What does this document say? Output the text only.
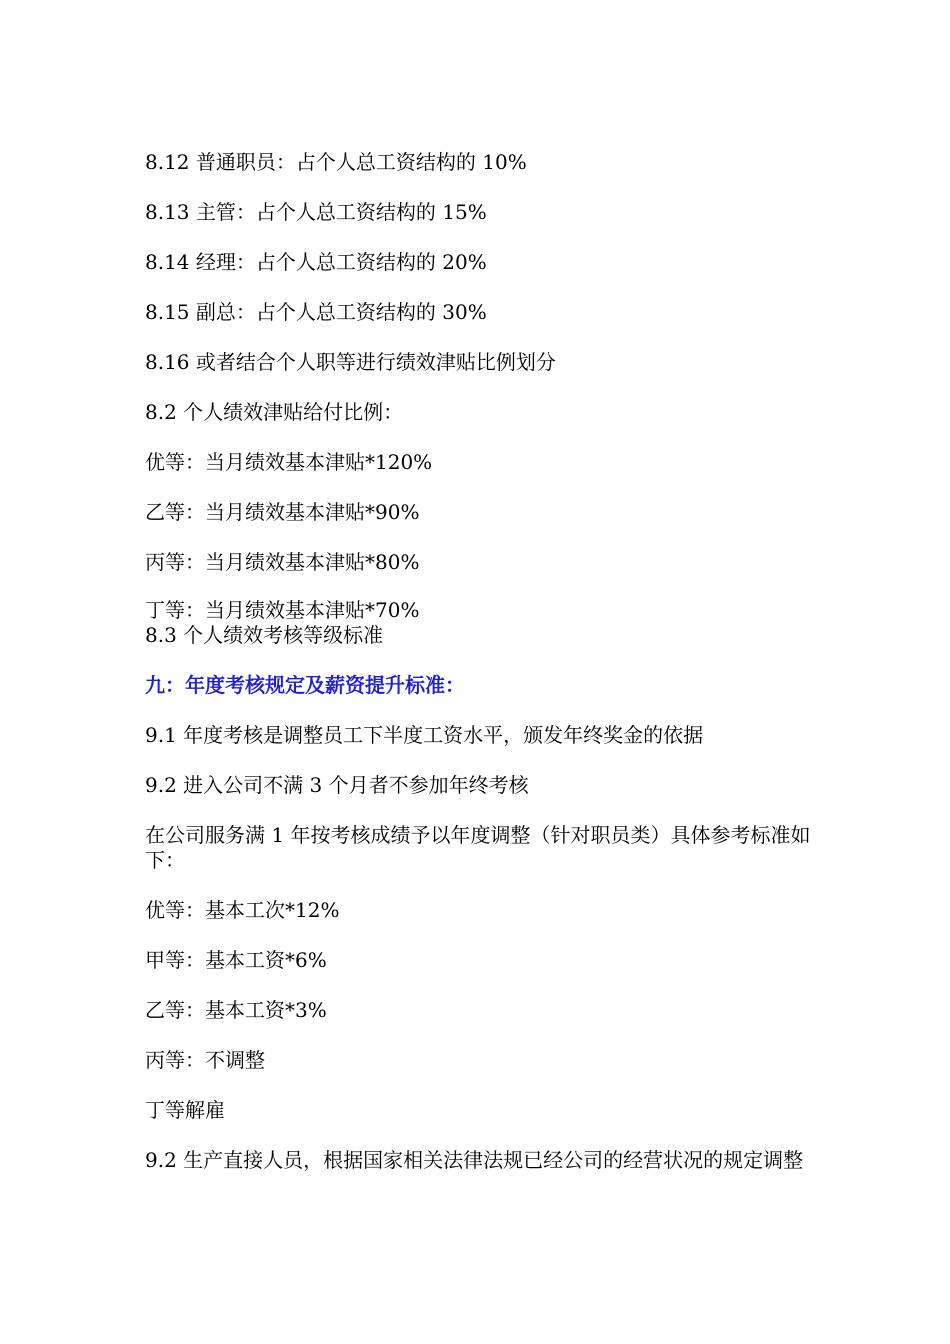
8.12 普通职员：占个人总工资结构的 10%

8.13 主管：占个人总工资结构的 15%

8.14 经理：占个人总工资结构的 20%

8.15 副总：占个人总工资结构的 30%

8.16 或者结合个人职等进行绩效津贴比例划分

8.2 个人绩效津贴给付比例：

优等：当月绩效基本津贴*120%

乙等：当月绩效基本津贴*90%

丙等：当月绩效基本津贴*80%

丁等：当月绩效基本津贴*70%

8.3 个人绩效考核等级标准

九：年度考核规定及薪资提升标准：

9.1 年度考核是调整员工下半度工资水平，颁发年终奖金的依据

9.2 进入公司不满 3 个月者不参加年终考核

在公司服务满 1 年按考核成绩予以年度调整（针对职员类）具体参考标准如下：

优等：基本工次*12%

甲等：基本工资*6%

乙等：基本工资*3%

丙等：不调整

丁等解雇

9.2 生产直接人员，根据国家相关法律法规已经公司的经营状况的规定调整
